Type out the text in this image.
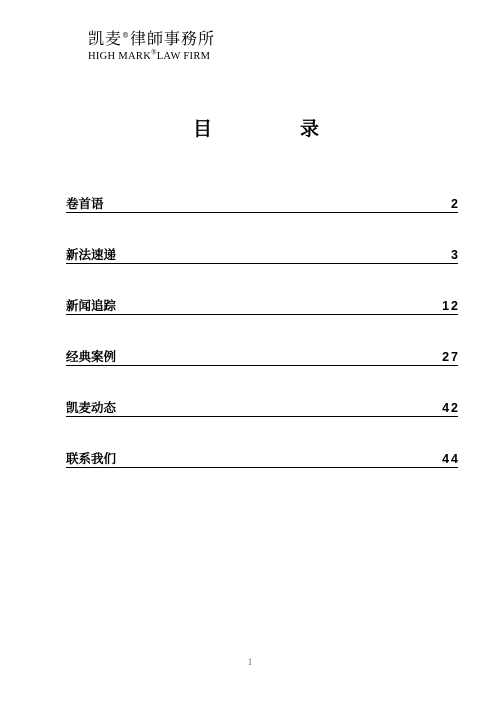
凯麦®律師事務所
HIGH MARK®LAW FIRM
目	录
卷首语	2
新法速递	3
新闻追踪	12
经典案例	27
凯麦动态	42
联系我们	44
1
